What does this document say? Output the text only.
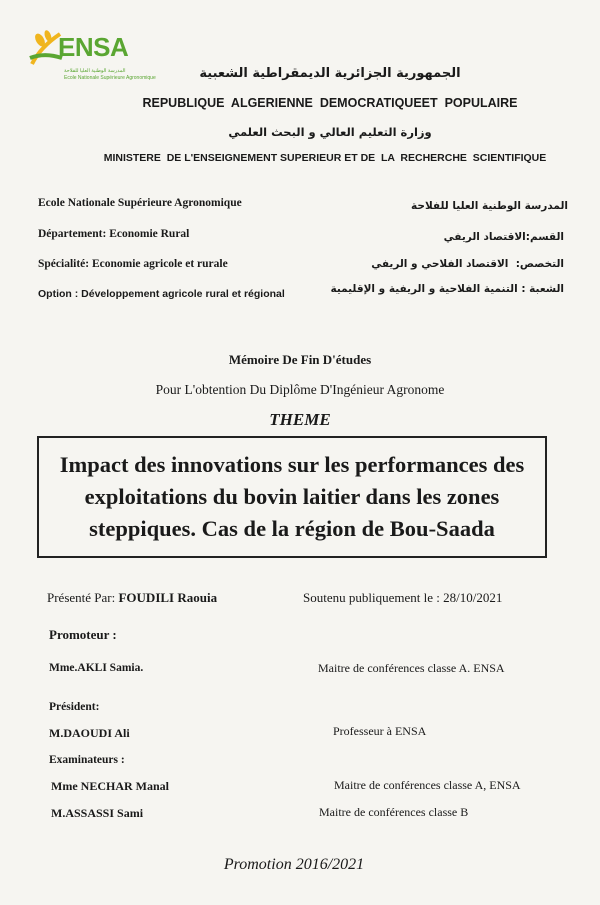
ENSA
المدرسة الوطنية العليا للفلاحة
Ecole Nationale Supérieure Agronomique	الجمهورية الجزائرية الديمقراطية الشعبية
REPUBLIQUE  ALGERIENNE  DEMOCRATIQUEET  POPULAIRE
وزارة التعليم العالي و البحث العلمي
MINISTERE  DE L'ENSEIGNEMENT SUPERIEUR ET DE  LA  RECHERCHE  SCIENTIFIQUE
Ecole Nationale Supérieure Agronomique	المدرسة الوطنية العليا للفلاحة
Département: Economie Rural	القسم:الاقتصاد الريفي
Spécialité: Economie agricole et rurale	التخصص:  الاقتصاد الفلاحي و الريفي
Option : Développement agricole rural et régional	الشعبة : التنمية الفلاحية و الريفية و الإقليمية
Mémoire De Fin D'études
Pour L'obtention Du Diplôme D'Ingénieur Agronome
THEME
Impact des innovations sur les performances des exploitations du bovin laitier dans les zones steppiques. Cas de la région de Bou-Saada
Présenté Par: FOUDILI Raouia	Soutenu publiquement le : 28/10/2021
Promoteur :
Mme.AKLI Samia.	Maitre de conférences classe A. ENSA
Président:
M.DAOUDI Ali	Professeur à ENSA
Examinateurs :
Mme NECHAR Manal	Maitre de conférences classe A, ENSA
M.ASSASSI Sami	Maitre de conférences classe B
Promotion 2016/2021
